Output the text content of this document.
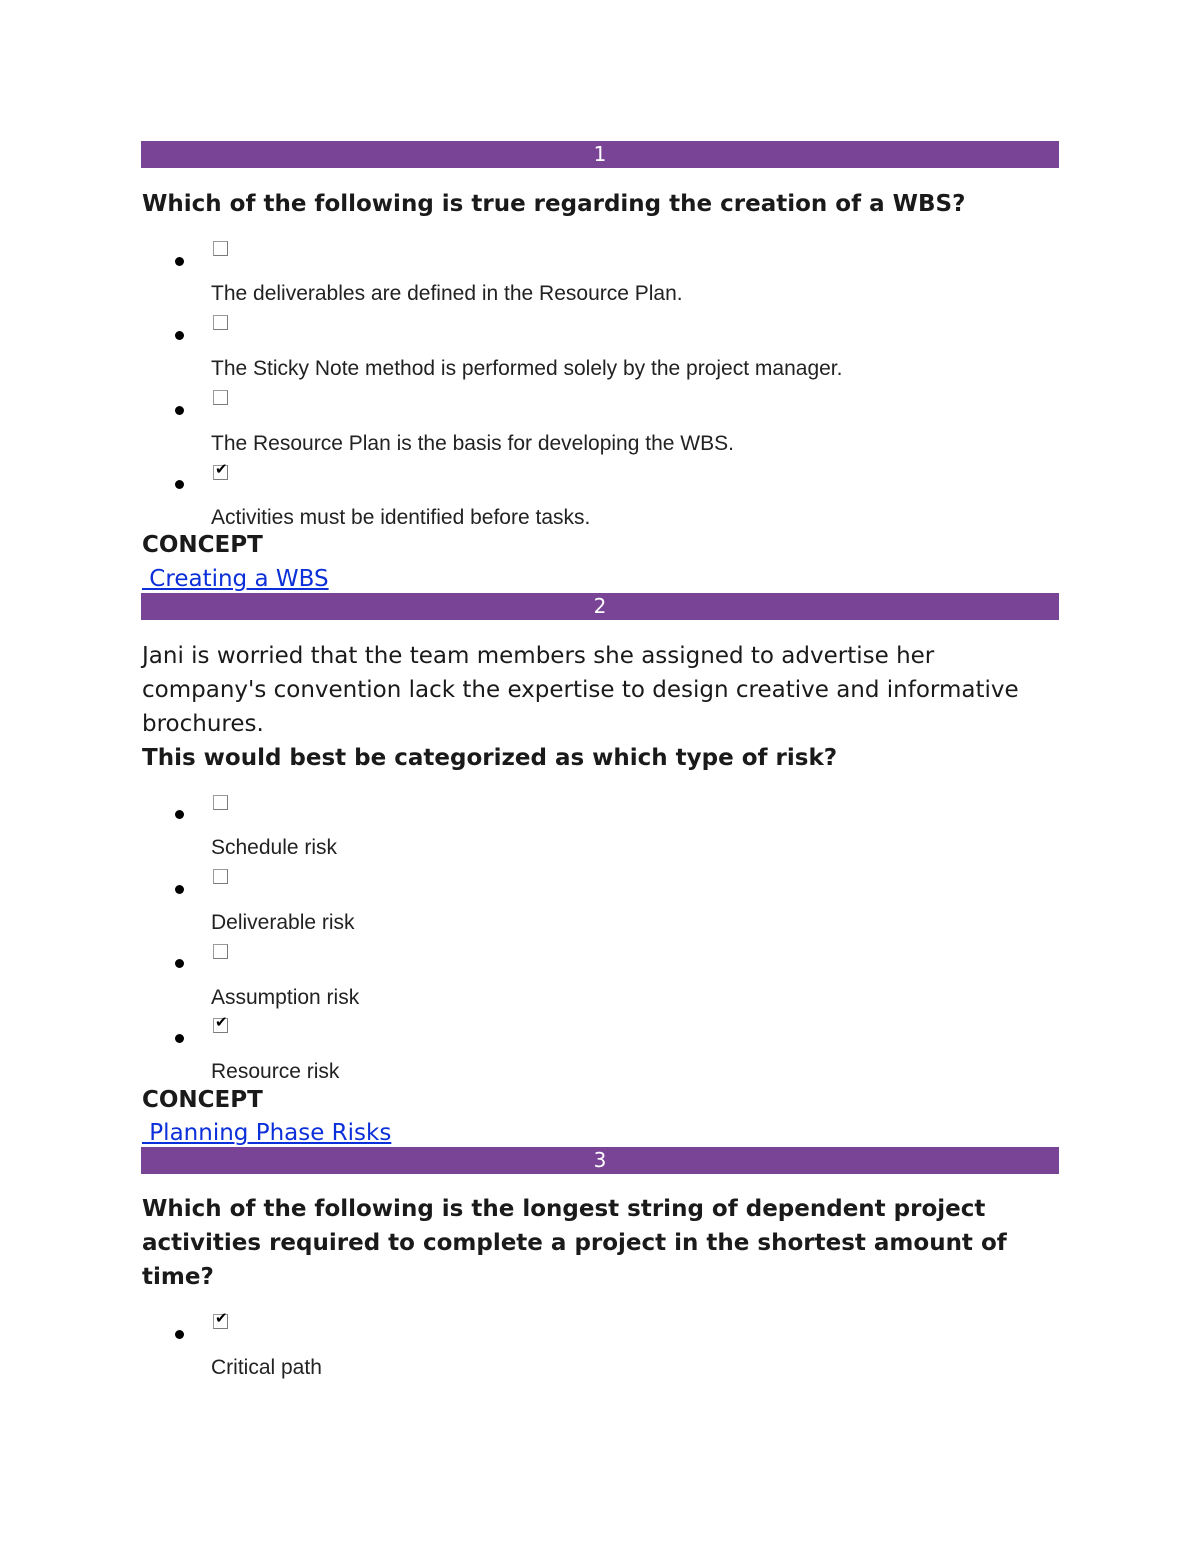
1

Which of the following is true regarding the creation of a WBS?

The deliverables are defined in the Resource Plan.
The Sticky Note method is performed solely by the project manager.
The Resource Plan is the basis for developing the WBS.
✔
Activities must be identified before tasks.
CONCEPT
Creating a WBS
2

Jani is worried that the team members she assigned to advertise her company's convention lack the expertise to design creative and informative brochures.

This would best be categorized as which type of risk?

Schedule risk
Deliverable risk
Assumption risk
✔
Resource risk
CONCEPT
Planning Phase Risks
3

Which of the following is the longest string of dependent project activities required to complete a project in the shortest amount of time?

✔
Critical path
